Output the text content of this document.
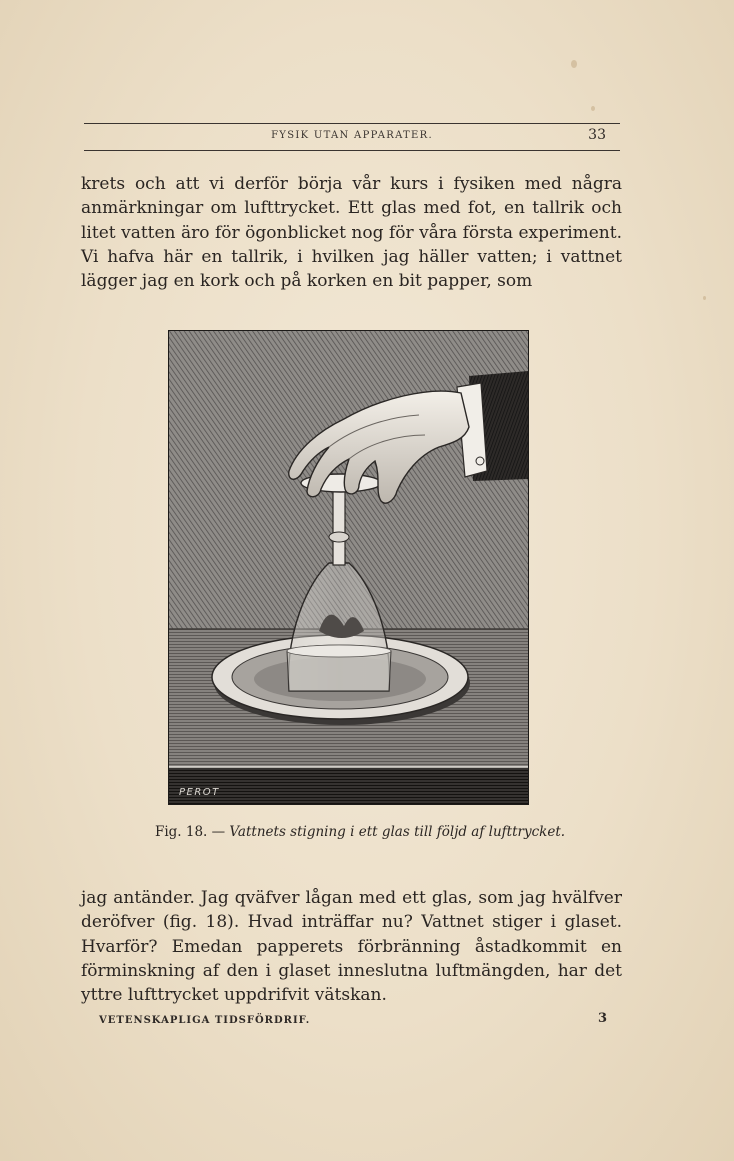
FYSIK UTAN APPARATER.	33

krets och att vi derför börja vår kurs i fysiken med några anmärkningar om lufttrycket. Ett glas med fot, en tallrik och litet vatten äro för ögonblicket nog för våra första experiment. Vi hafva här en tallrik, i hvilken jag häller vatten; i vattnet lägger jag en kork och på korken en bit papper, som

PEROT
Fig. 18. — Vattnets stigning i ett glas till följd af lufttrycket.

jag antänder. Jag qväfver lågan med ett glas, som jag hvälfver deröfver (fig. 18). Hvad inträffar nu? Vattnet stiger i glaset. Hvarför? Emedan papperets förbränning åstadkommit en förminskning af den i glaset inneslutna luftmängden, har det yttre lufttrycket uppdrifvit vätskan.

VETENSKAPLIGA TIDSFÖRDRIF.	3
